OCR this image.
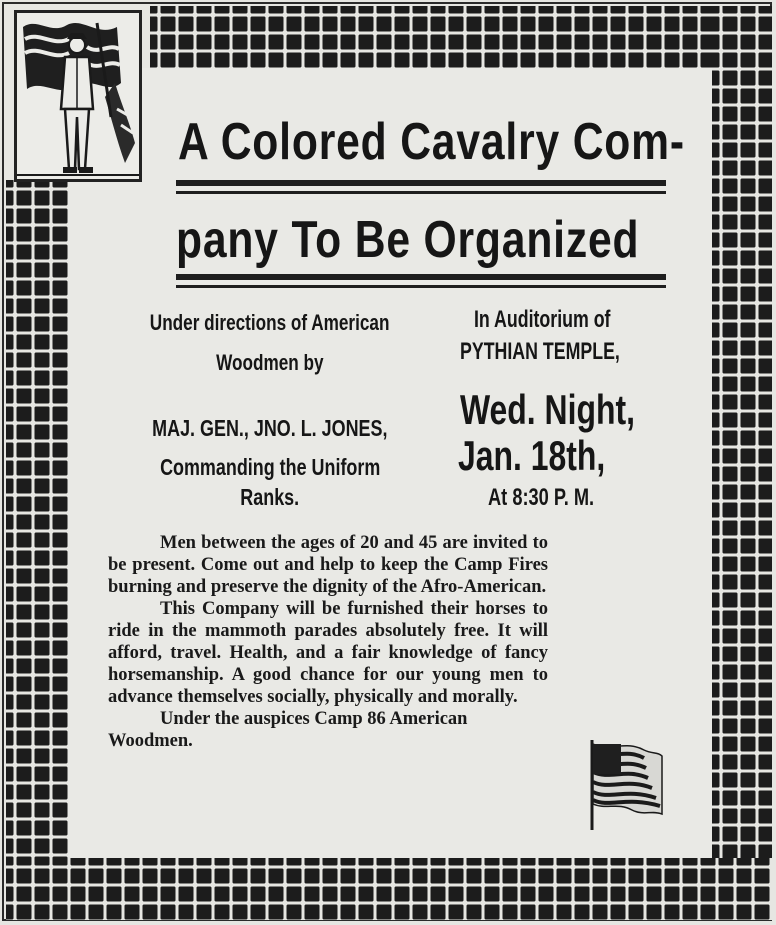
A Colored Cavalry Com-
pany To Be Organized
Under directions of American
Woodmen by
MAJ. GEN., JNO. L. JONES,
Commanding the Uniform
Ranks.
In Auditorium of
PYTHIAN TEMPLE,
Wed. Night,
Jan. 18th,
At 8:30 P. M.

Men between the ages of 20 and 45 are invited to be present. Come out and help to keep the Camp Fires burning and preserve the dignity of the Afro-American.

This Company will be furnished their horses to ride in the mammoth parades absolutely free. It will afford, travel. Health, and a fair knowledge of fancy horsemanship. A good chance for our young men to advance themselves socially, physically and morally.

Under the auspices Camp 86 American Woodmen.
